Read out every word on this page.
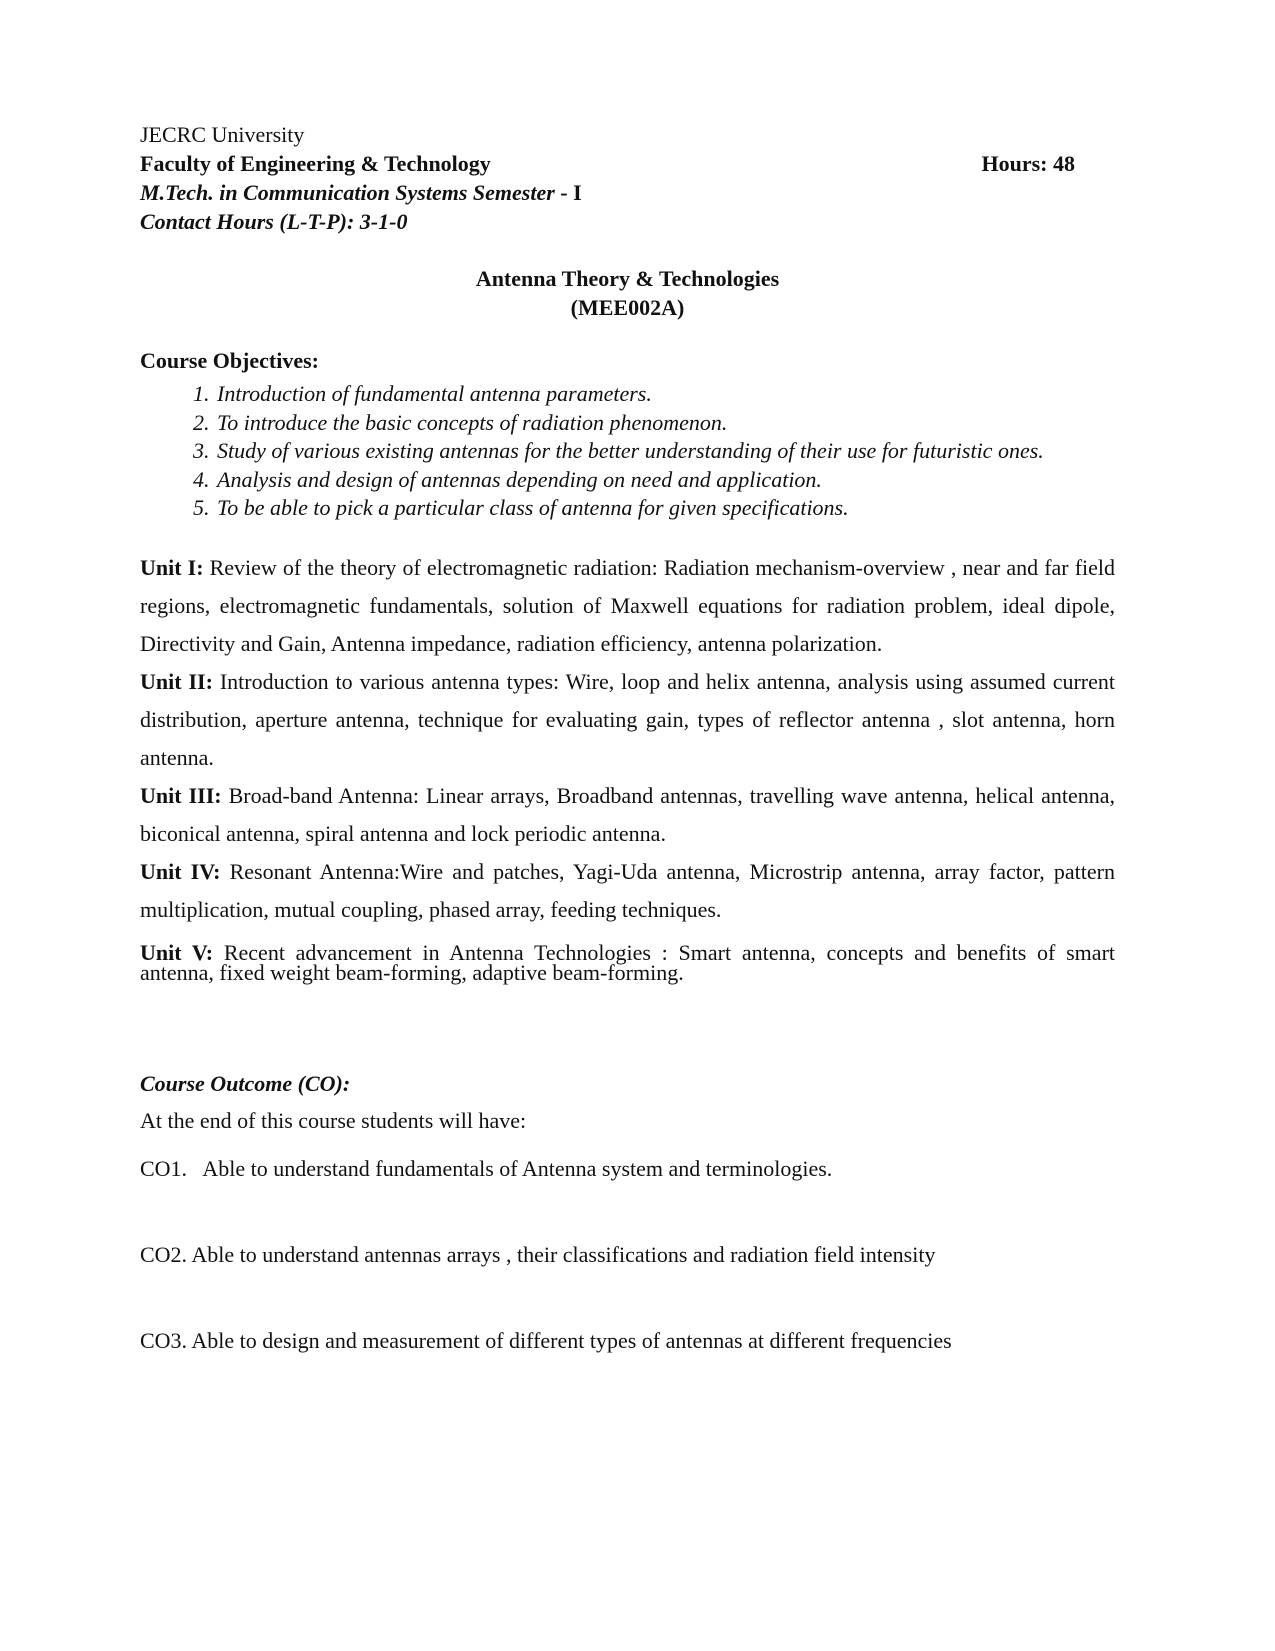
JECRC University
Faculty of Engineering & Technology	Hours: 48
M.Tech. in Communication Systems Semester - I
Contact Hours (L-T-P): 3-1-0
Antenna Theory & Technologies
(MEE002A)
Course Objectives:
1. Introduction of fundamental antenna parameters.
2. To introduce the basic concepts of radiation phenomenon.
3. Study of various existing antennas for the better understanding of their use for futuristic ones.
4. Analysis and design of antennas depending on need and application.
5. To be able to pick a particular class of antenna for given specifications.

Unit I: Review of the theory of electromagnetic radiation: Radiation mechanism-overview , near and far field regions, electromagnetic fundamentals, solution of Maxwell equations for radiation problem, ideal dipole, Directivity and Gain, Antenna impedance, radiation efficiency, antenna polarization.

Unit II: Introduction to various antenna types: Wire, loop and helix antenna, analysis using assumed current distribution, aperture antenna, technique for evaluating gain, types of reflector antenna , slot antenna, horn antenna.

Unit III: Broad-band Antenna: Linear arrays, Broadband antennas, travelling wave antenna, helical antenna, biconical antenna, spiral antenna and lock periodic antenna.

Unit IV: Resonant Antenna:Wire and patches, Yagi-Uda antenna, Microstrip antenna, array factor, pattern multiplication, mutual coupling, phased array, feeding techniques.

Unit V: Recent advancement in Antenna Technologies : Smart antenna, concepts and benefits of smart antenna, fixed weight beam-forming, adaptive beam-forming.

Course Outcome (CO):
At the end of this course students will have:
CO1.   Able to understand fundamentals of Antenna system and terminologies.
CO2. Able to understand antennas arrays , their classifications and radiation field intensity
CO3. Able to design and measurement of different types of antennas at different frequencies
